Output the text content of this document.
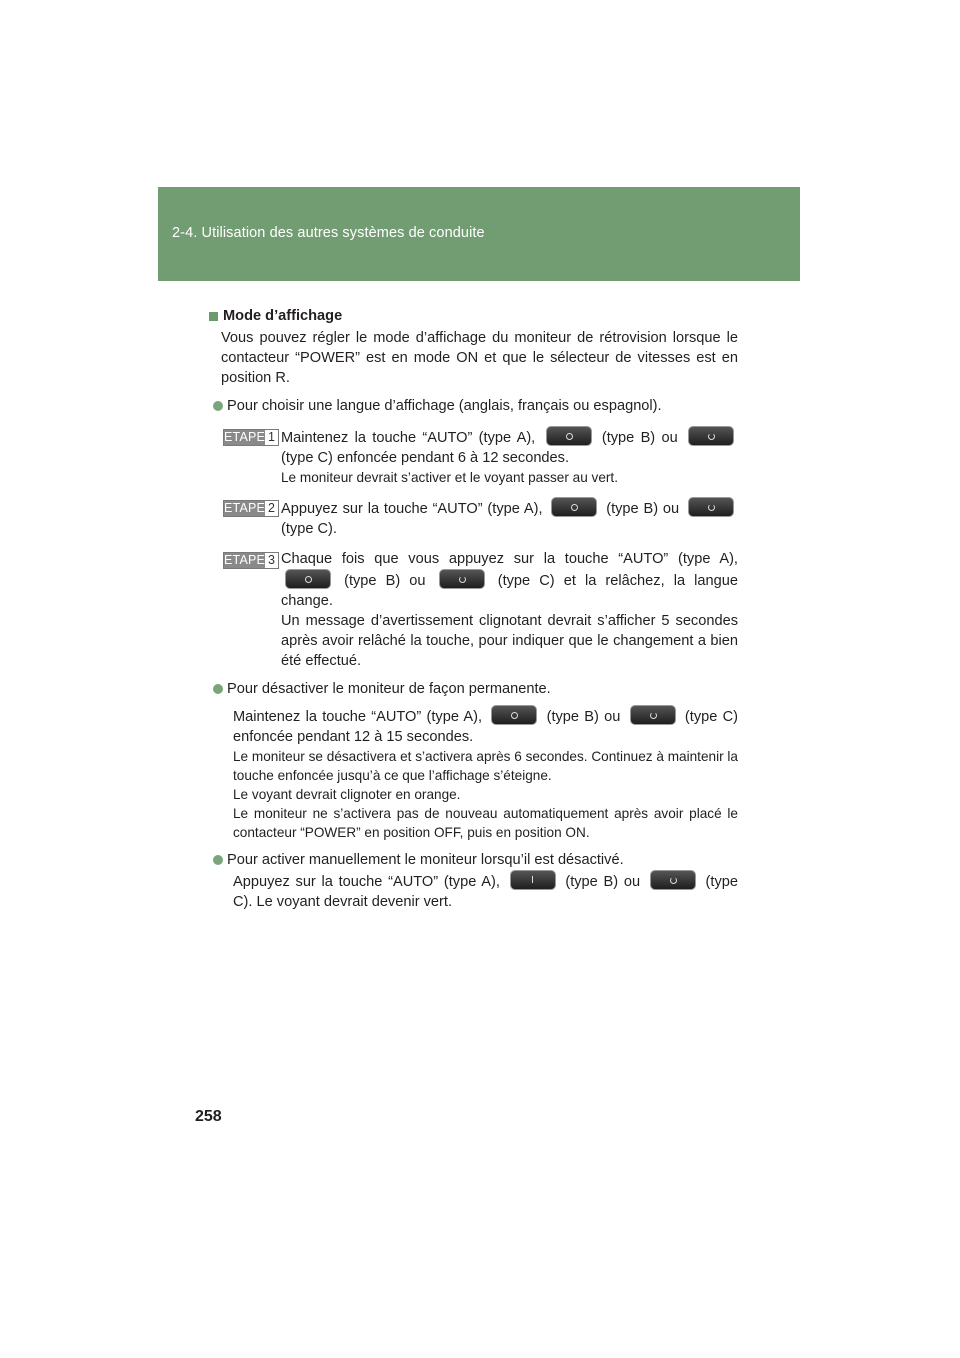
2-4. Utilisation des autres systèmes de conduite
Mode d’affichage
Vous pouvez régler le mode d’affichage du moniteur de rétrovision lorsque le contacteur “POWER” est en mode ON et que le sélecteur de vitesses est en position R.
Pour choisir une langue d’affichage (anglais, français ou espagnol).
ETAPE 1 Maintenez la touche “AUTO” (type A),	(type B) ou  (type C) enfoncée pendant 6 à 12 secondes.
Le moniteur devrait s’activer et le voyant passer au vert.
ETAPE 2 Appuyez sur la touche “AUTO” (type A),	(type B) ou  (type C).
ETAPE 3 Chaque fois que vous appuyez sur la touche “AUTO” (type A),  (type B) ou	(type C) et la relâchez, la langue change.
Un message d’avertissement clignotant devrait s’afficher 5 secondes après avoir relâché la touche, pour indiquer que le changement a bien été effectué.
Pour désactiver le moniteur de façon permanente.
Maintenez la touche “AUTO” (type A),	(type B) ou	(type C) enfoncée pendant 12 à 15 secondes.
Le moniteur se désactivera et s’activera après 6 secondes. Continuez à maintenir la touche enfoncée jusqu’à ce que l’affichage s’éteigne.
Le voyant devrait clignoter en orange.
Le moniteur ne s’activera pas de nouveau automatiquement après avoir placé le contacteur “POWER” en position OFF, puis en position ON.
Pour activer manuellement le moniteur lorsqu’il est désactivé.
Appuyez sur la touche “AUTO” (type A),	(type B) ou	(type C). Le voyant devrait devenir vert.
258
